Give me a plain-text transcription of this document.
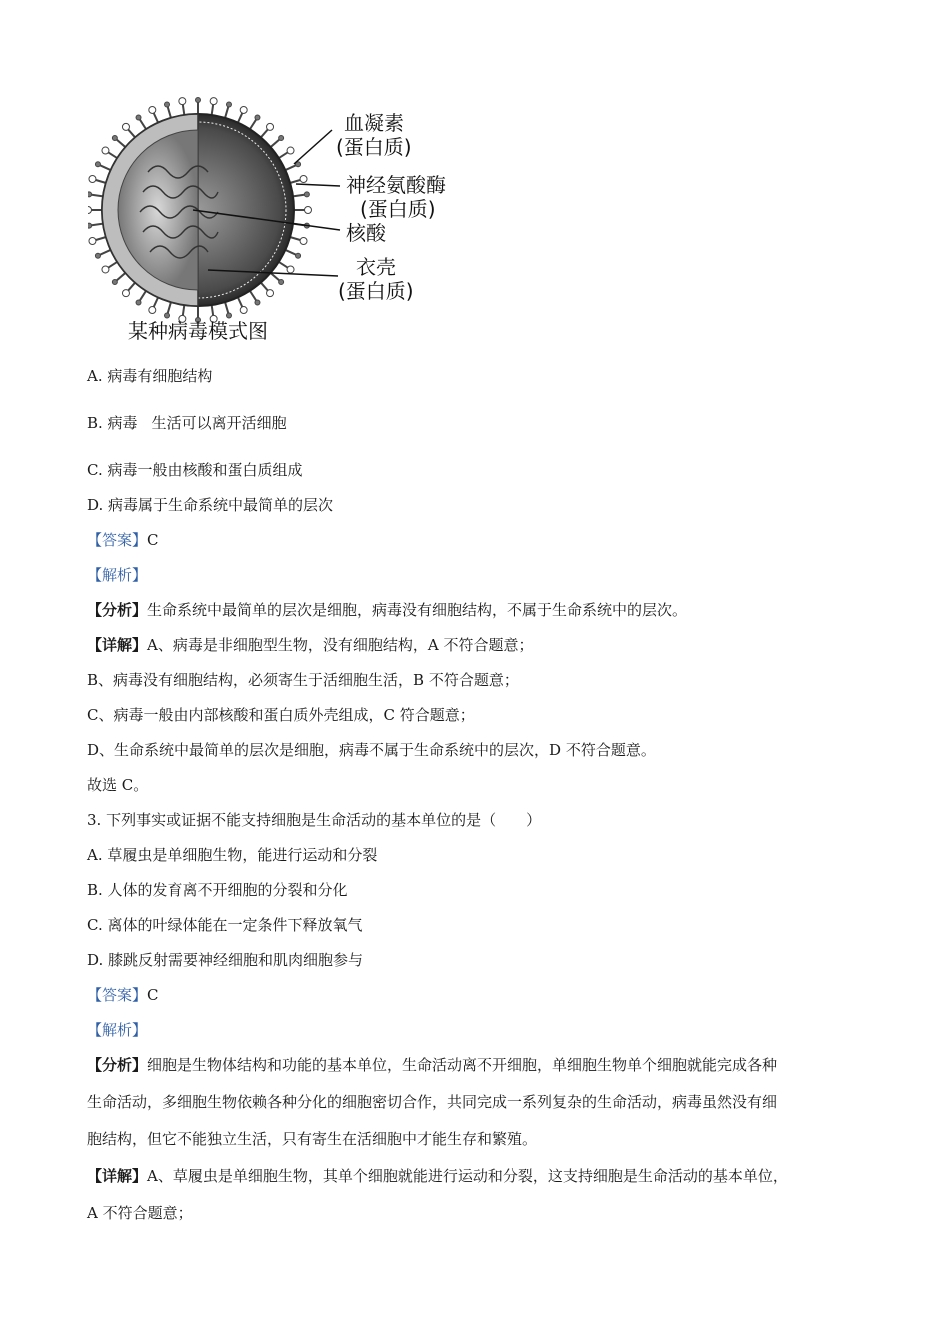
血凝素
(蛋白质)
神经氨酸酶
(蛋白质)
核酸
衣壳
(蛋白质)
某种病毒模式图
A. 病毒有细胞结构
B. 病毒 生活可以离开活细胞
C. 病毒一般由核酸和蛋白质组成
D. 病毒属于生命系统中最简单的层次
【答案】C
【解析】
【分析】生命系统中最简单的层次是细胞，病毒没有细胞结构，不属于生命系统中的层次。
【详解】A、病毒是非细胞型生物，没有细胞结构，A 不符合题意；
B、病毒没有细胞结构，必须寄生于活细胞生活，B 不符合题意；
C、病毒一般由内部核酸和蛋白质外壳组成，C 符合题意；
D、生命系统中最简单的层次是细胞，病毒不属于生命系统中的层次，D 不符合题意。
故选 C。
3. 下列事实或证据不能支持细胞是生命活动的基本单位的是（　　）
A. 草履虫是单细胞生物，能进行运动和分裂
B. 人体的发育离不开细胞的分裂和分化
C. 离体的叶绿体能在一定条件下释放氧气
D. 膝跳反射需要神经细胞和肌肉细胞参与
【答案】C
【解析】
【分析】细胞是生物体结构和功能的基本单位，生命活动离不开细胞，单细胞生物单个细胞就能完成各种
生命活动，多细胞生物依赖各种分化的细胞密切合作，共同完成一系列复杂的生命活动，病毒虽然没有细
胞结构，但它不能独立生活，只有寄生在活细胞中才能生存和繁殖。
【详解】A、草履虫是单细胞生物，其单个细胞就能进行运动和分裂，这支持细胞是生命活动的基本单位，
A 不符合题意；
